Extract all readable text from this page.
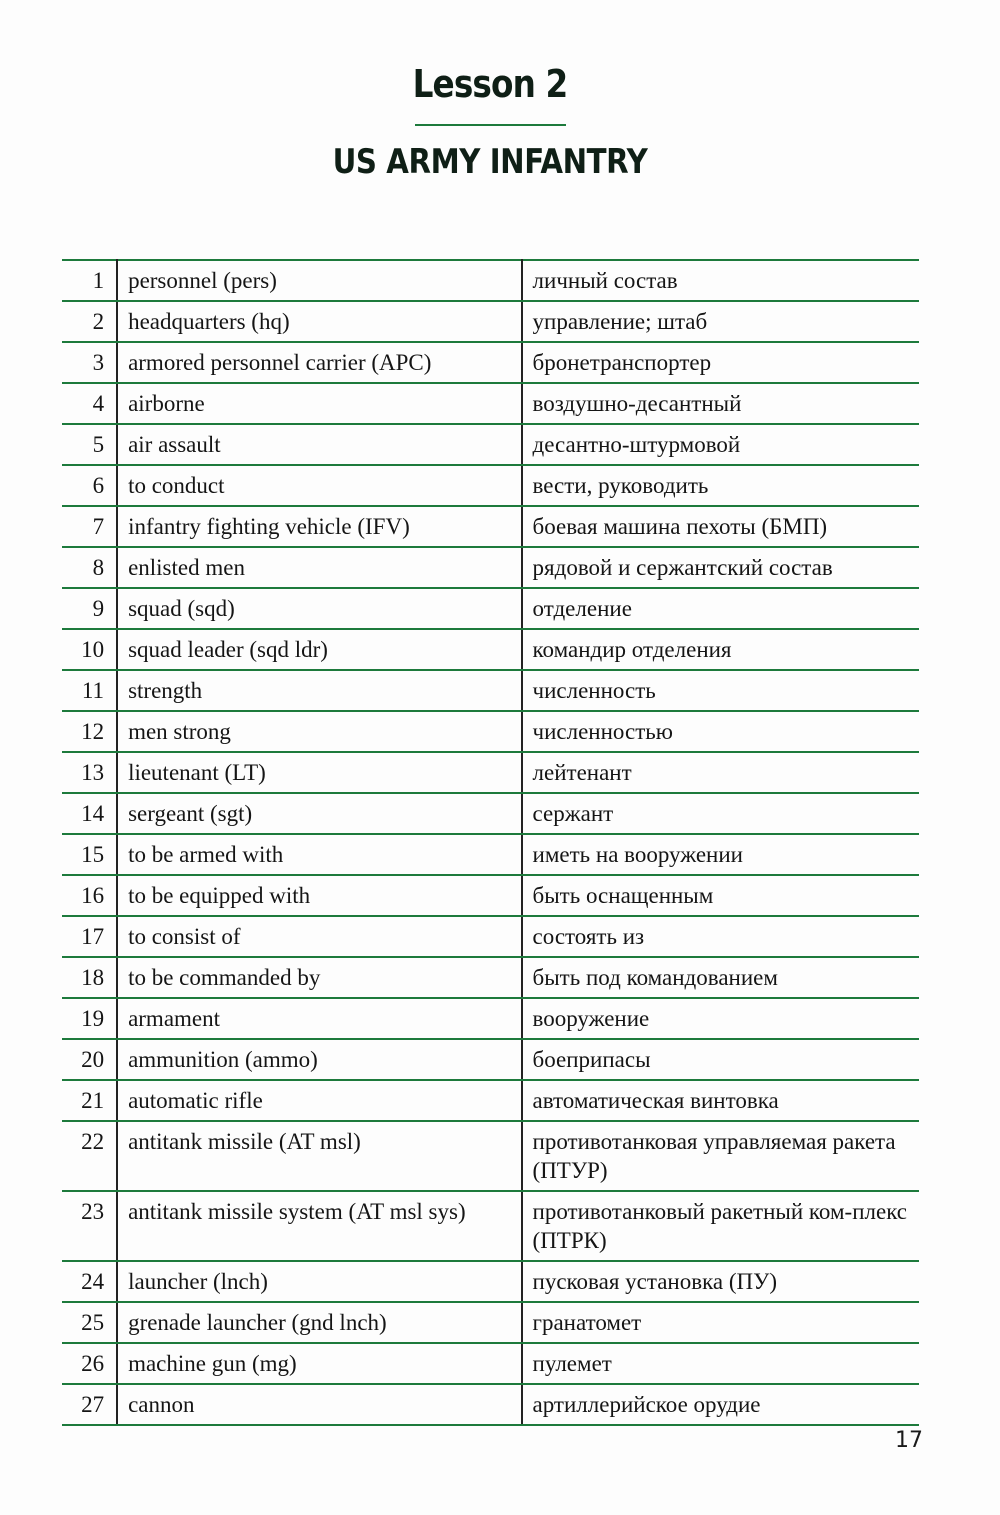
Lesson 2
US ARMY INFANTRY
1	personnel (pers)	личный состав
2	headquarters (hq)	управление; штаб
3	armored personnel carrier (APC)	бронетранспортер
4	airborne	воздушно-десантный
5	air assault	десантно-штурмовой
6	to conduct	вести, руководить
7	infantry fighting vehicle (IFV)	боевая машина пехоты (БМП)
8	enlisted men	рядовой и сержантский состав
9	squad (sqd)	отделение
10	squad leader (sqd ldr)	командир отделения
11	strength	численность
12	men strong	численностью
13	lieutenant (LT)	лейтенант
14	sergeant (sgt)	сержант
15	to be armed with	иметь на вооружении
16	to be equipped with	быть оснащенным
17	to consist of	состоять из
18	to be commanded by	быть под командованием
19	armament	вооружение
20	ammunition (ammo)	боеприпасы
21	automatic rifle	автоматическая винтовка
22	antitank missile (AT msl)	противотанковая управляемая ракета (ПТУР)
23	antitank missile system (AT msl sys)	противотанковый ракетный ком-плекс (ПТРК)
24	launcher (lnch)	пусковая установка (ПУ)
25	grenade launcher (gnd lnch)	гранатомет
26	machine gun (mg)	пулемет
27	cannon	артиллерийское орудие
17
